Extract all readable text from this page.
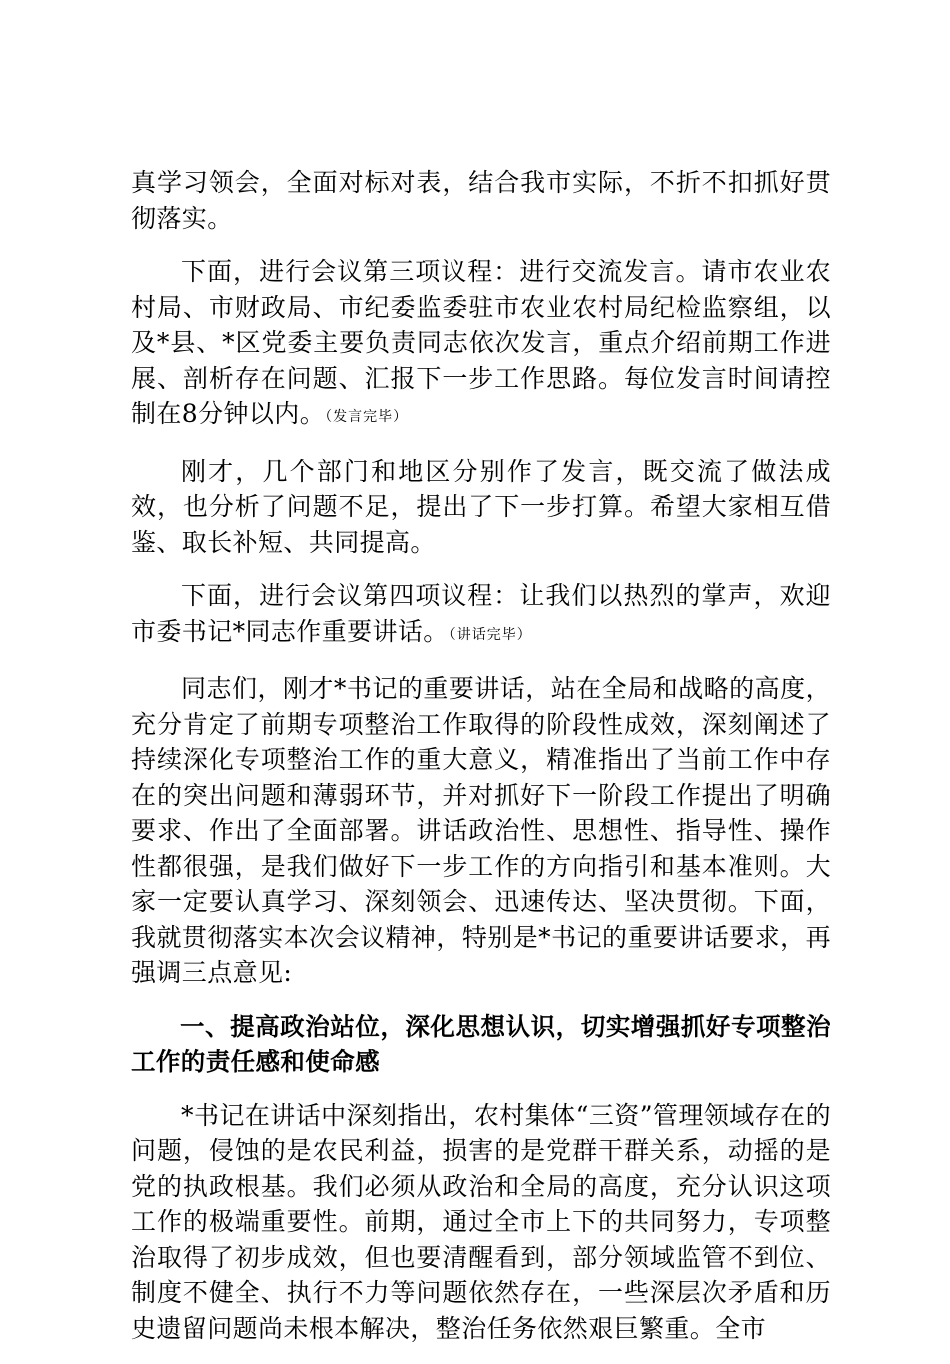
真学习领会，全面对标对表，结合我市实际，不折不扣抓好贯彻落实。

下面，进行会议第三项议程：进行交流发言。请市农业农村局、市财政局、市纪委监委驻市农业农村局纪检监察组，以及*县、*区党委主要负责同志依次发言，重点介绍前期工作进展、剖析存在问题、汇报下一步工作思路。每位发言时间请控制在8分钟以内。（发言完毕）

刚才，几个部门和地区分别作了发言，既交流了做法成效，也分析了问题不足，提出了下一步打算。希望大家相互借鉴、取长补短、共同提高。

下面，进行会议第四项议程：让我们以热烈的掌声，欢迎市委书记*同志作重要讲话。（讲话完毕）

同志们，刚才*书记的重要讲话，站在全局和战略的高度，充分肯定了前期专项整治工作取得的阶段性成效，深刻阐述了持续深化专项整治工作的重大意义，精准指出了当前工作中存在的突出问题和薄弱环节，并对抓好下一阶段工作提出了明确要求、作出了全面部署。讲话政治性、思想性、指导性、操作性都很强，是我们做好下一步工作的方向指引和基本准则。大家一定要认真学习、深刻领会、迅速传达、坚决贯彻。下面，我就贯彻落实本次会议精神，特别是*书记的重要讲话要求，再强调三点意见:

一、提高政治站位，深化思想认识，切实增强抓好专项整治工作的责任感和使命感

*书记在讲话中深刻指出，农村集体“三资”管理领域存在的问题，侵蚀的是农民利益，损害的是党群干群关系，动摇的是党的执政根基。我们必须从政治和全局的高度，充分认识这项工作的极端重要性。前期，通过全市上下的共同努力，专项整治取得了初步成效，但也要清醒看到，部分领域监管不到位、制度不健全、执行不力等问题依然存在，一些深层次矛盾和历史遗留问题尚未根本解决，整治任务依然艰巨繁重。全市
